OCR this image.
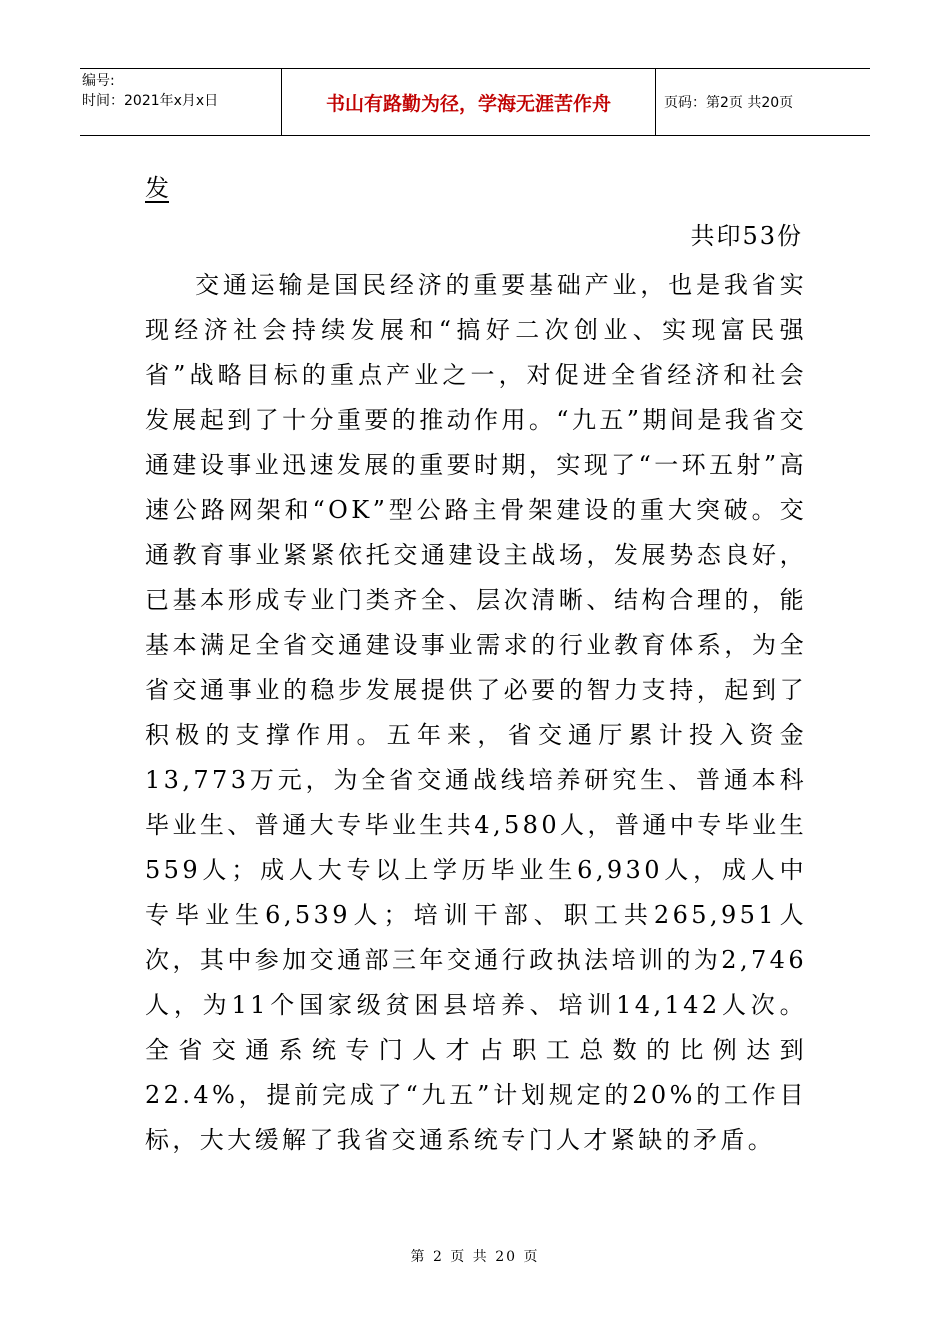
编号:
时间：2021年x月x日	书山有路勤为径，学海无涯苦作舟	页码：第2页 共20页
发
共印53份
交通运输是国民经济的重要基础产业，也是我省实现经济社会持续发展和“搞好二次创业、实现富民强省”战略目标的重点产业之一，对促进全省经济和社会发展起到了十分重要的推动作用。“九五”期间是我省交通建设事业迅速发展的重要时期，实现了“一环五射”高速公路网架和“OK”型公路主骨架建设的重大突破。交通教育事业紧紧依托交通建设主战场，发展势态良好，已基本形成专业门类齐全、层次清晰、结构合理的，能基本满足全省交通建设事业需求的行业教育体系，为全省交通事业的稳步发展提供了必要的智力支持，起到了积极的支撑作用。五年来，省交通厅累计投入资金13,773万元，为全省交通战线培养研究生、普通本科毕业生、普通大专毕业生共4,580人，普通中专毕业生559人；成人大专以上学历毕业生6,930人，成人中专毕业生6,539人；培训干部、职工共265,951人次，其中参加交通部三年交通行政执法培训的为2,746人，为11个国家级贫困县培养、培训14,142人次。全省交通系统专门人才占职工总数的比例达到22.4%，提前完成了“九五”计划规定的20%的工作目标，大大缓解了我省交通系统专门人才紧缺的矛盾。
第 2 页 共 20 页
